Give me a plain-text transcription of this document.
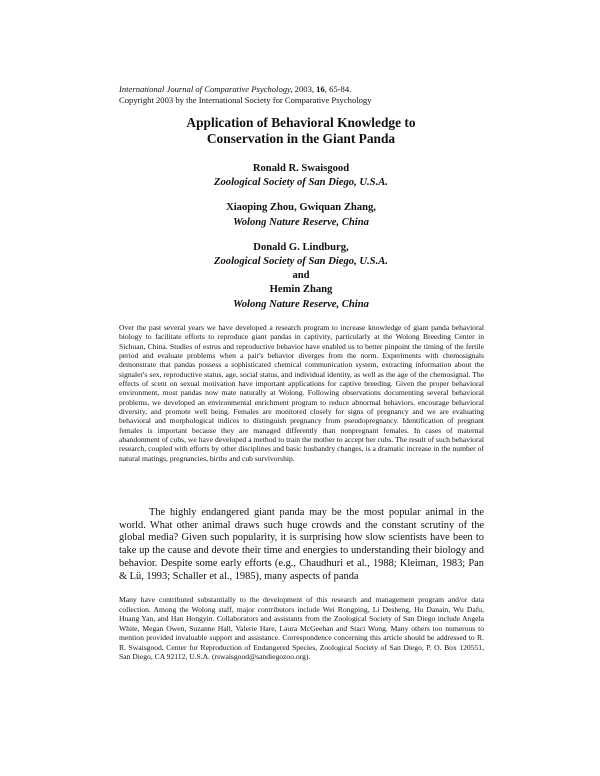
International Journal of Comparative Psychology, 2003, 16, 65-84.
Copyright 2003 by the International Society for Comparative Psychology
Application of Behavioral Knowledge to
Conservation in the Giant Panda
Ronald R. Swaisgood
Zoological Society of San Diego, U.S.A.
Xiaoping Zhou, Gwiquan Zhang,
Wolong Nature Reserve, China
Donald G. Lindburg,
Zoological Society of San Diego, U.S.A.
and
Hemin Zhang
Wolong Nature Reserve, China

Over the past several years we have developed a research program to increase knowledge of giant panda behavioral biology to facilitate efforts to reproduce giant pandas in captivity, particularly at the Wolong Breeding Center in Sichuan, China. Studies of estrus and reproductive behavior have enabled us to better pinpoint the timing of the fertile period and evaluate problems when a pair's behavior diverges from the norm. Experiments with chemosignals demonstrate that pandas possess a sophisticated chemical communication system, extracting information about the signaler's sex, reproductive status, age, social status, and individual identity, as well as the age of the chemosignal. The effects of scent on sexual motivation have important applications for captive breeding. Given the proper behavioral environment, most pandas now mate naturally at Wolong. Following observations documenting several behavioral problems, we developed an environmental enrichment program to reduce abnormal behaviors, encourage behavioral diversity, and promote well being. Females are monitored closely for signs of pregnancy and we are evaluating behavioral and morphological indices to distinguish pregnancy from pseudopregnancy. Identification of pregnant females is important because they are managed differently than nonpregnant females. In cases of maternal abandonment of cubs, we have developed a method to train the mother to accept her cubs. The result of such behavioral research, coupled with efforts by other disciplines and basic husbandry changes, is a dramatic increase in the number of natural matings, pregnancies, births and cub survivorship.

The highly endangered giant panda may be the most popular animal in the world. What other animal draws such huge crowds and the constant scrutiny of the global media? Given such popularity, it is surprising how slow scientists have been to take up the cause and devote their time and energies to understanding their biology and behavior. Despite some early efforts (e.g., Chaudhuri et al., 1988; Kleiman, 1983; Pan & Lü, 1993; Schaller et al., 1985), many aspects of panda

Many have contributed substantially to the development of this research and management program and/or data collection. Among the Wolong staff, major contributors include Wei Rongping, Li Desheng, Hu Danain, Wu Dafu, Huang Yan, and Han Hongyin. Collaborators and assistants from the Zoological Society of San Diego include Angela White, Megan Owen, Suzanne Hall, Valerie Hare, Laura McGeehan and Staci Wong. Many others too numerous to mention provided invaluable support and assistance. Correspondence concerning this article should be addressed to R. R. Swaisgood, Center for Reproduction of Endangered Species, Zoological Society of San Diego, P. O. Box 120551, San Diego, CA 92112, U.S.A. (rswaisgood@sandiegozoo.org).
